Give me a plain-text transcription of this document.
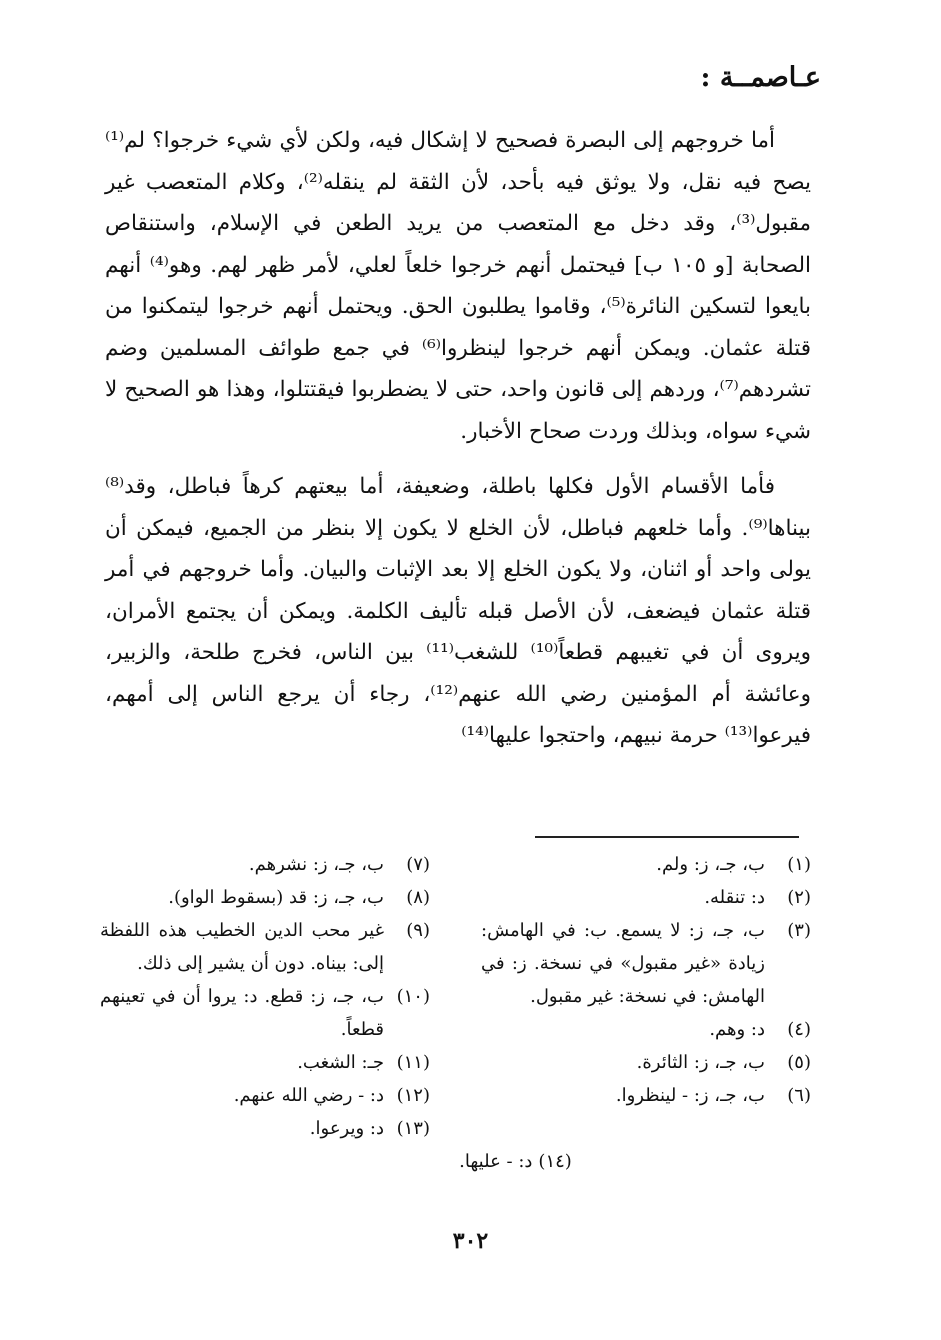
عـاصمــة :

أما خروجهم إلى البصرة فصحيح لا إشكال فيه، ولكن لأي شيء خرجوا؟ لم⁽¹⁾ يصح فيه نقل، ولا يوثق فيه بأحد، لأن الثقة لم ينقله⁽²⁾، وكلام المتعصب غير مقبول⁽³⁾، وقد دخل مع المتعصب من يريد الطعن في الإسلام، واستنقاص الصحابة [و ١٠٥ ب] فيحتمل أنهم خرجوا خلعاً لعلي، لأمر ظهر لهم. وهو⁽⁴⁾ أنهم بايعوا لتسكين النائرة⁽⁵⁾، وقاموا يطلبون الحق. ويحتمل أنهم خرجوا ليتمكنوا من قتلة عثمان. ويمكن أنهم خرجوا لينظروا⁽⁶⁾ في جمع طوائف المسلمين وضم تشردهم⁽⁷⁾، وردهم إلى قانون واحد، حتى لا يضطربوا فيقتتلوا، وهذا هو الصحيح لا شيء سواه، وبذلك وردت صحاح الأخبار.

فأما الأقسام الأول فكلها باطلة، وضعيفة، أما بيعتهم كرهاً فباطل، وقد⁽⁸⁾ بيناها⁽⁹⁾. وأما خلعهم فباطل، لأن الخلع لا يكون إلا بنظر من الجميع، فيمكن أن يولى واحد أو اثنان، ولا يكون الخلع إلا بعد الإثبات والبيان. وأما خروجهم في أمر قتلة عثمان فيضعف، لأن الأصل قبله تأليف الكلمة. ويمكن أن يجتمع الأمران، ويروى أن في تغيبهم قطعاً⁽¹⁰⁾ للشغب⁽¹¹⁾ بين الناس، فخرج طلحة، والزبير، وعائشة أم المؤمنين رضي الله عنهم⁽¹²⁾، رجاء أن يرجع الناس إلى أمهم، فيرعوا⁽¹³⁾ حرمة نبيهم، واحتجوا عليها⁽¹⁴⁾

(١)
ب، جـ، ز: ولم.
(٢)
د: تنقله.
(٣)
ب، جـ، ز: لا يسمع. ب: في الهامش: زيادة «غير مقبول» في نسخة. ز: في الهامش: في نسخة: غير مقبول.
(٤)
د: وهم.
(٥)
ب، جـ، ز: الثائرة.
(٦)
ب، جـ، ز: - لينظروا.
(٧)
ب، جـ، ز: نشرهم.
(٨)
ب، جـ، ز: قد (بسقوط الواو).
(٩)
غير محب الدين الخطيب هذه اللفظة إلى: بيناه. دون أن يشير إلى ذلك.
(١٠)
ب، جـ، ز: قطع. د: يروا أن في تعينهم قطعاً.
(١١)
جـ: الشغب.
(١٢)
د: - رضي الله عنهم.
(١٣)
د: ويرعوا.
(١٤)
د: - عليها.
٣٠٢
